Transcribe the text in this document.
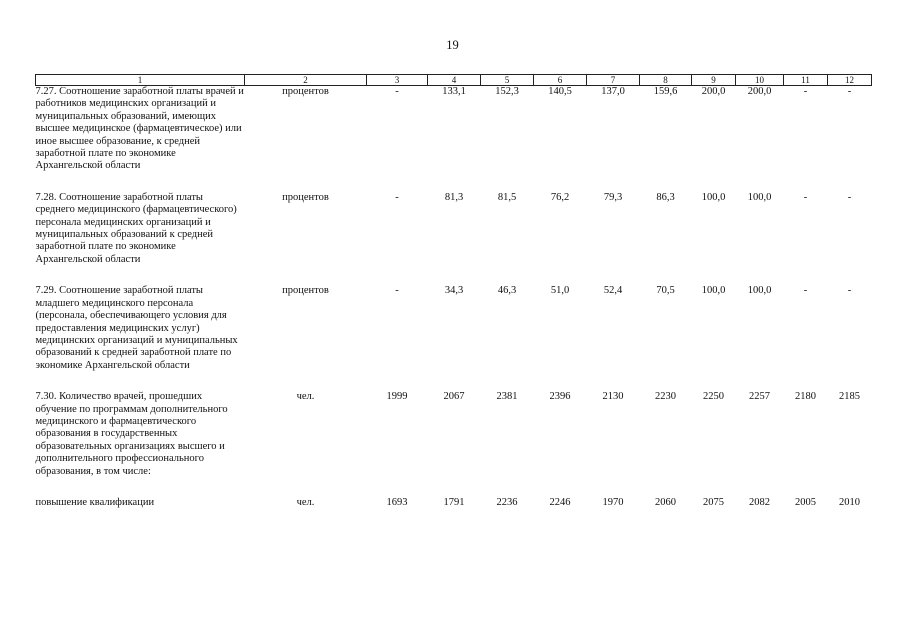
19
1	2	3	4	5	6	7	8	9	10	11	12
7.27. Соотношение заработной платы врачей и работников медицинских организаций и муниципальных образований, имеющих высшее медицинское (фармацевтическое) или иное высшее образование, к средней заработной плате по экономике Архангельской области	процентов	-	133,1	152,3	140,5	137,0	159,6	200,0	200,0	-	-

7.28. Соотношение заработной платы среднего медицинского (фармацевтического) персонала медицинских организаций и муниципальных образований к средней заработной плате по экономике Архангельской области	процентов	-	81,3	81,5	76,2	79,3	86,3	100,0	100,0	-	-

7.29. Соотношение заработной платы младшего медицинского персонала (персонала, обеспечивающего условия для предоставления медицинских услуг) медицинских организаций и муниципальных образований к средней заработной плате по экономике Архангельской области	процентов	-	34,3	46,3	51,0	52,4	70,5	100,0	100,0	-	-

7.30. Количество врачей, прошедших обучение по программам дополнительного медицинского и фармацевтического образования в государственных образовательных организациях высшего и дополнительного профессионального образования, в том числе:	чел.	1999	2067	2381	2396	2130	2230	2250	2257	2180	2185

повышение квалификации	чел.	1693	1791	2236	2246	1970	2060	2075	2082	2005	2010
